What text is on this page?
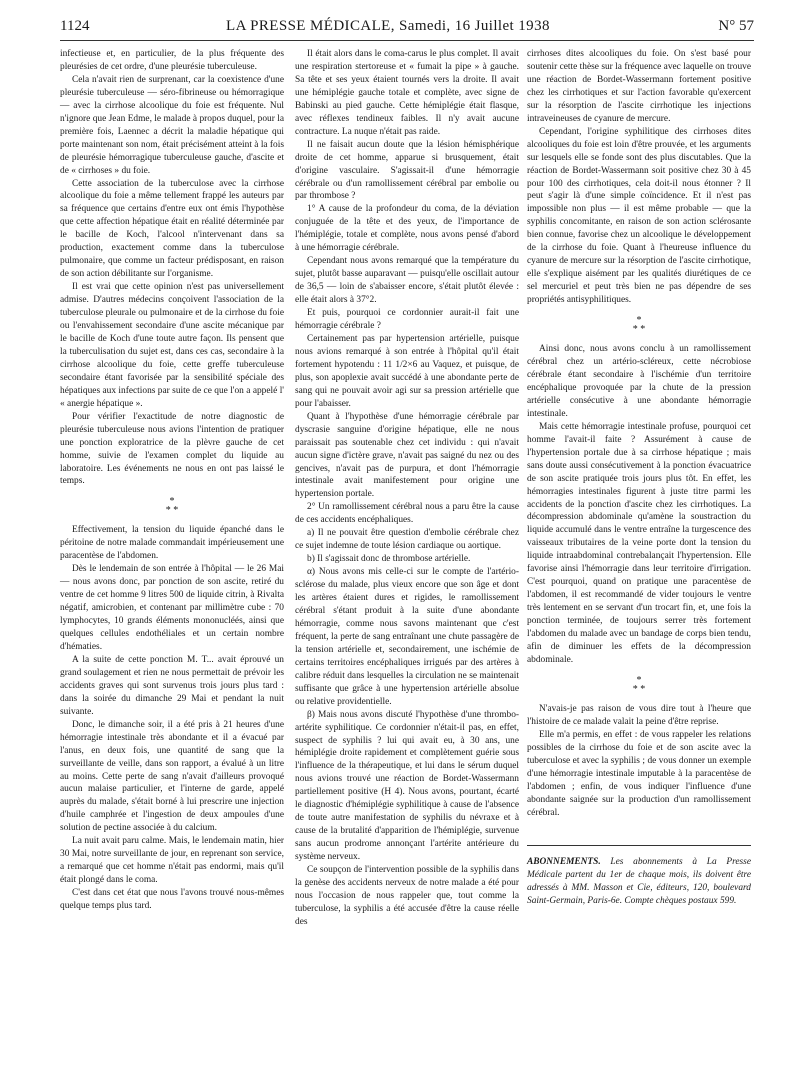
1124	LA PRESSE MÉDICALE, Samedi, 16 Juillet 1938	N° 57

infectieuse et, en particulier, de la plus fréquente des pleurésies de cet ordre, d'une pleurésie tuberculeuse.

Cela n'avait rien de surprenant, car la coexistence d'une pleurésie tuberculeuse — séro-fibrineuse ou hémorragique — avec la cirrhose alcoolique du foie est fréquente. Nul n'ignore que Jean Edme, le malade à propos duquel, pour la première fois, Laennec a décrit la maladie hépatique qui porte maintenant son nom, était précisément atteint à la fois de pleurésie hémorragique tuberculeuse gauche, d'ascite et de « cirrhoses » du foie.

Cette association de la tuberculose avec la cirrhose alcoolique du foie a même tellement frappé les auteurs par sa fréquence que certains d'entre eux ont émis l'hypothèse que cette affection hépatique était en réalité déterminée par le bacille de Koch, l'alcool n'intervenant dans sa production, exactement comme dans la tuberculose pulmonaire, que comme un facteur prédisposant, en raison de son action débilitante sur l'organisme.

Il est vrai que cette opinion n'est pas universellement admise. D'autres médecins conçoivent l'association de la tuberculose pleurale ou pulmonaire et de la cirrhose du foie ou l'envahissement secondaire d'une ascite mécanique par le bacille de Koch d'une toute autre façon. Ils pensent que la tuberculisation du sujet est, dans ces cas, secondaire à la cirrhose alcoolique du foie, cette greffe tuberculeuse secondaire étant favorisée par la sensibilité spéciale des hépatiques aux infections par suite de ce que l'on a appelé l' « anergie hépatique ».

Pour vérifier l'exactitude de notre diagnostic de pleurésie tuberculeuse nous avions l'intention de pratiquer une ponction exploratrice de la plèvre gauche de cet homme, suivie de l'examen complet du liquide au laboratoire. Les événements ne nous en ont pas laissé le temps.

*
* *

Effectivement, la tension du liquide épanché dans le péritoine de notre malade commandait impérieusement une paracentèse de l'abdomen.

Dès le lendemain de son entrée à l'hôpital — le 26 Mai — nous avons donc, par ponction de son ascite, retiré du ventre de cet homme 9 litres 500 de liquide citrin, à Rivalta négatif, amicrobien, et contenant par millimètre cube : 70 lymphocytes, 10 grands éléments mononucléés, ainsi que quelques cellules endothéliales et un certain nombre d'hématies.

A la suite de cette ponction M. T... avait éprouvé un grand soulagement et rien ne nous permettait de prévoir les accidents graves qui sont survenus trois jours plus tard : dans la soirée du dimanche 29 Mai et pendant la nuit suivante.

Donc, le dimanche soir, il a été pris à 21 heures d'une hémorragie intestinale très abondante et il a évacué par l'anus, en deux fois, une quantité de sang que la surveillante de veille, dans son rapport, a évalué à un litre au moins. Cette perte de sang n'avait d'ailleurs provoqué aucun malaise particulier, et l'interne de garde, appelé auprès du malade, s'était borné à lui prescrire une injection d'huile camphrée et l'ingestion de deux ampoules d'une solution de pectine associée à du calcium.

La nuit avait paru calme. Mais, le lendemain matin, hier 30 Mai, notre surveillante de jour, en reprenant son service, a remarqué que cet homme n'était pas endormi, mais qu'il était plongé dans le coma.

C'est dans cet état que nous l'avons trouvé nous-mêmes quelque temps plus tard.

Il était alors dans le coma-carus le plus complet. Il avait une respiration stertoreuse et « fumait la pipe » à gauche. Sa tête et ses yeux étaient tournés vers la droite. Il avait une hémiplégie gauche totale et complète, avec signe de Babinski au pied gauche. Cette hémiplégie était flasque, avec réflexes tendineux faibles. Il n'y avait aucune contracture. La nuque n'était pas raide.

Il ne faisait aucun doute que la lésion hémisphérique droite de cet homme, apparue si brusquement, était d'origine vasculaire. S'agissait-il d'une hémorragie cérébrale ou d'un ramollissement cérébral par embolie ou par thrombose ?

1° A cause de la profondeur du coma, de la déviation conjuguée de la tête et des yeux, de l'importance de l'hémiplégie, totale et complète, nous avons pensé d'abord à une hémorragie cérébrale.

Cependant nous avons remarqué que la température du sujet, plutôt basse auparavant — puisqu'elle oscillait autour de 36,5 — loin de s'abaisser encore, s'était plutôt élevée : elle était alors à 37°2.

Et puis, pourquoi ce cordonnier aurait-il fait une hémorragie cérébrale ?

Certainement pas par hypertension artérielle, puisque nous avions remarqué à son entrée à l'hôpital qu'il était fortement hypotendu : 11 1/2×6 au Vaquez, et puisque, de plus, son apoplexie avait succédé à une abondante perte de sang qui ne pouvait avoir agi sur sa pression artérielle que pour l'abaisser.

Quant à l'hypothèse d'une hémorragie cérébrale par dyscrasie sanguine d'origine hépatique, elle ne nous paraissait pas soutenable chez cet individu : qui n'avait aucun signe d'ictère grave, n'avait pas saigné du nez ou des gencives, n'avait pas de purpura, et dont l'hémorragie intestinale avait manifestement pour origine une hypertension portale.

2° Un ramollissement cérébral nous a paru être la cause de ces accidents encéphaliques.

a) Il ne pouvait être question d'embolie cérébrale chez ce sujet indemne de toute lésion cardiaque ou aortique.

b) Il s'agissait donc de thrombose artérielle.

α) Nous avons mis celle-ci sur le compte de l'artério-sclérose du malade, plus vieux encore que son âge et dont les artères étaient dures et rigides, le ramollissement cérébral s'étant produit à la suite d'une abondante hémorragie, comme nous savons maintenant que c'est fréquent, la perte de sang entraînant une chute passagère de la tension artérielle et, secondairement, une ischémie de certains territoires encéphaliques irrigués par des artères à calibre réduit dans lesquelles la circulation ne se maintenait suffisante que grâce à une hypertension artérielle absolue ou relative providentielle.

β) Mais nous avons discuté l'hypothèse d'une thrombo-artérite syphilitique. Ce cordonnier n'était-il pas, en effet, suspect de syphilis ? lui qui avait eu, à 30 ans, une hémiplégie droite rapidement et complètement guérie sous l'influence de la thérapeutique, et lui dans le sérum duquel nous avions trouvé une réaction de Bordet-Wassermann partiellement positive (H 4). Nous avons, pourtant, écarté le diagnostic d'hémiplégie syphilitique à cause de l'absence de toute autre manifestation de syphilis du névraxe et à cause de la brutalité d'apparition de l'hémiplégie, survenue sans aucun prodrome annonçant l'artérite antérieure du système nerveux.

Ce soupçon de l'intervention possible de la syphilis dans la genèse des accidents nerveux de notre malade a été pour nous l'occasion de nous rappeler que, tout comme la tuberculose, la syphilis a été accusée d'être la cause réelle des

cirrhoses dites alcooliques du foie. On s'est basé pour soutenir cette thèse sur la fréquence avec laquelle on trouve une réaction de Bordet-Wassermann fortement positive chez les cirrhotiques et sur l'action favorable qu'exercent sur la résorption de l'ascite cirrhotique les injections intraveineuses de cyanure de mercure.

Cependant, l'origine syphilitique des cirrhoses dites alcooliques du foie est loin d'être prouvée, et les arguments sur lesquels elle se fonde sont des plus discutables. Que la réaction de Bordet-Wassermann soit positive chez 30 à 45 pour 100 des cirrhotiques, cela doit-il nous étonner ? Il peut s'agir là d'une simple coïncidence. Et il n'est pas impossible non plus — il est même probable — que la syphilis concomitante, en raison de son action sclérosante bien connue, favorise chez un alcoolique le développement de la cirrhose du foie. Quant à l'heureuse influence du cyanure de mercure sur la résorption de l'ascite cirrhotique, elle s'explique aisément par les qualités diurétiques de ce sel mercuriel et peut très bien ne pas dépendre de ses propriétés antisyphilitiques.

*
* *

Ainsi donc, nous avons conclu à un ramollissement cérébral chez un artério-scléreux, cette nécrobiose cérébrale étant secondaire à l'ischémie d'un territoire encéphalique provoquée par la chute de la pression artérielle consécutive à une abondante hémorragie intestinale.

Mais cette hémorragie intestinale profuse, pourquoi cet homme l'avait-il faite ? Assurément à cause de l'hypertension portale due à sa cirrhose hépatique ; mais sans doute aussi consécutivement à la ponction évacuatrice de son ascite pratiquée trois jours plus tôt. En effet, les hémorragies intestinales figurent à juste titre parmi les accidents de la ponction d'ascite chez les cirrhotiques. La décompression abdominale qu'amène la soustraction du liquide accumulé dans le ventre entraîne la turgescence des vaisseaux tributaires de la veine porte dont la tension du liquide intraabdominal contrebalançait l'hypertension. Elle favorise ainsi l'hémorragie dans leur territoire d'irrigation. C'est pourquoi, quand on pratique une paracentèse de l'abdomen, il est recommandé de vider toujours le ventre très lentement en se servant d'un trocart fin, et, une fois la ponction terminée, de toujours serrer très fortement l'abdomen du malade avec un bandage de corps bien tendu, afin de diminuer les effets de la décompression abdominale.

*
* *

N'avais-je pas raison de vous dire tout à l'heure que l'histoire de ce malade valait la peine d'être reprise.

Elle m'a permis, en effet : de vous rappeler les relations possibles de la cirrhose du foie et de son ascite avec la tuberculose et avec la syphilis ; de vous donner un exemple d'une hémorragie intestinale imputable à la paracentèse de l'abdomen ; enfin, de vous indiquer l'influence d'une abondante saignée sur la production d'un ramollissement cérébral.

ABONNEMENTS. Les abonnements à La Presse Médicale partent du 1er de chaque mois, ils doivent être adressés à MM. Masson et Cie, éditeurs, 120, boulevard Saint-Germain, Paris-6e. Compte chèques postaux 599.
